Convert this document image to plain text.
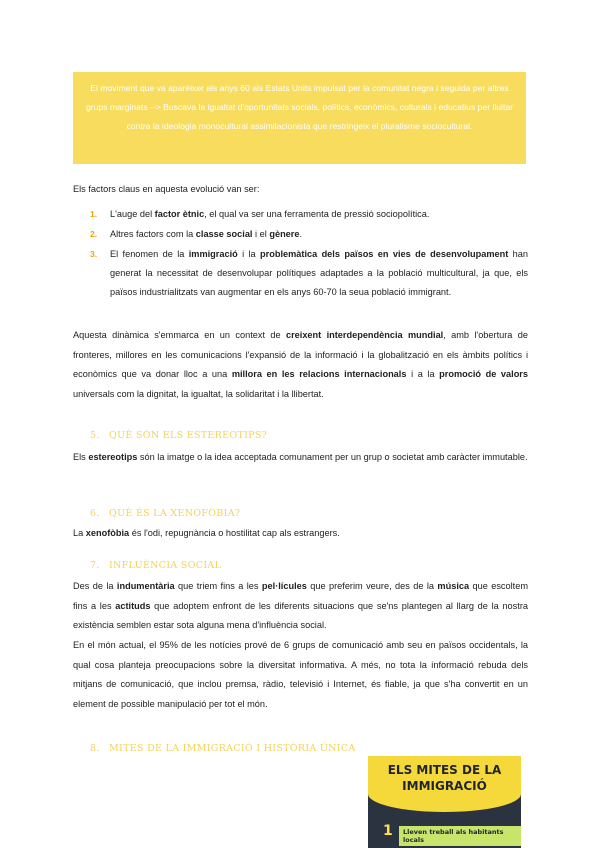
El moviment que va aparèixer als anys 60 als Estats Units impulsat per la comunitat negra i seguida per altres grups marginats --> Buscava la igualtat d'oportunitats socials, polítics, econòmics, culturals i educatius per lluitar contra la ideologia monocultural assimilacionista que restringeix el pluralisme sociocultural.
Els factors claus en aquesta evolució van ser:
1. L'auge del factor ètnic, el qual va ser una ferramenta de pressió sociopolítica.
2. Altres factors com la classe social i el gènere.
3. El fenomen de la immigració i la problemàtica dels països en vies de desenvolupament han generat la necessitat de desenvolupar polítiques adaptades a la població multicultural, ja que, els països industrialitzats van augmentar en els anys 60-70 la seua població immigrant.

Aquesta dinàmica s'emmarca en un context de creixent interdependència mundial, amb l'obertura de fronteres, millores en les comunicacions l'expansió de la informació i la globalització en els àmbits polítics i econòmics que va donar lloc a una millora en les relacions internacionals i a la promoció de valors universals com la dignitat, la igualtat, la solidaritat i la llibertat.

5. QUÈ SÓN ELS ESTEREOTIPS?

Els estereotips són la imatge o la idea acceptada comunament per un grup o societat amb caràcter immutable.

6. QUÈ ÉS LA XENOFÒBIA?

La xenofòbia és l'odi, repugnància o hostilitat cap als estrangers.

7. INFLUÈNCIA SOCIAL

Des de la indumentària que triem fins a les pel·lícules que preferim veure, des de la música que escoltem fins a les actituds que adoptem enfront de les diferents situacions que se'ns plantegen al llarg de la nostra existència semblen estar sota alguna mena d'influència social.

En el món actual, el 95% de les notícies prové de 6 grups de comunicació amb seu en països occidentals, la qual cosa planteja preocupacions sobre la diversitat informativa. A més, no tota la informació rebuda dels mitjans de comunicació, que inclou premsa, ràdio, televisió i Internet, és fiable, ja que s'ha convertit en un element de possible manipulació per tot el món.

8. MITES DE LA IMMIGRACIÓ I HISTÒRIA ÚNICA
ELS MITES DE LA
IMMIGRACIÓ
1	Lleven treball als habitants locals
